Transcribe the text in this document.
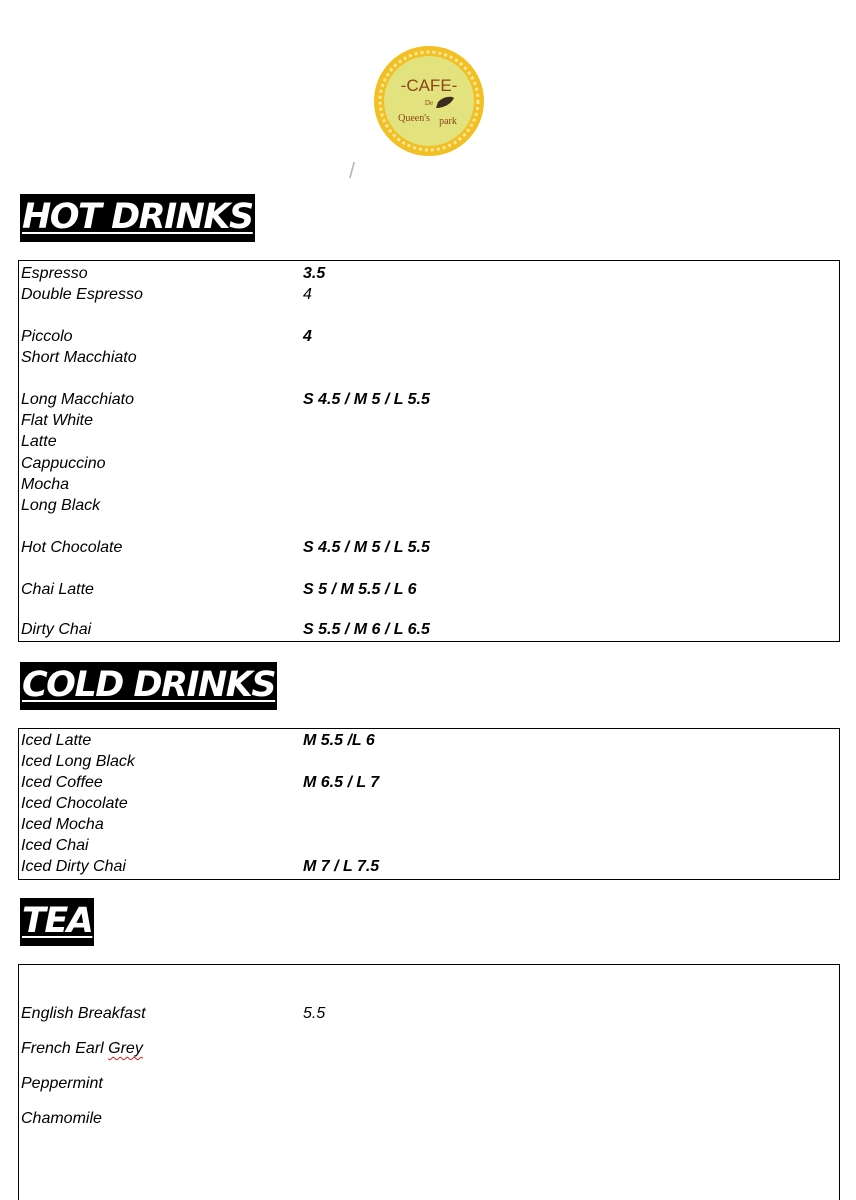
-CAFE-
De
Queen's park
/
HOT DRINKS
Espresso	3.5
Double Espresso	4
Piccolo	4
Short Macchiato
Long Macchiato	S 4.5 / M 5 / L 5.5
Flat White
Latte
Cappuccino
Mocha
Long Black
Hot Chocolate	S 4.5 / M 5 / L 5.5
Chai Latte	S 5 / M 5.5 / L 6
Dirty Chai	S 5.5 / M 6 / L 6.5
COLD DRINKS
Iced Latte	M 5.5 /L 6
Iced Long Black
Iced Coffee	M 6.5 / L 7
Iced Chocolate
Iced Mocha
Iced Chai
Iced Dirty Chai	M 7 / L 7.5
TEA
English Breakfast	5.5
French Earl Grey
Peppermint
Chamomile
